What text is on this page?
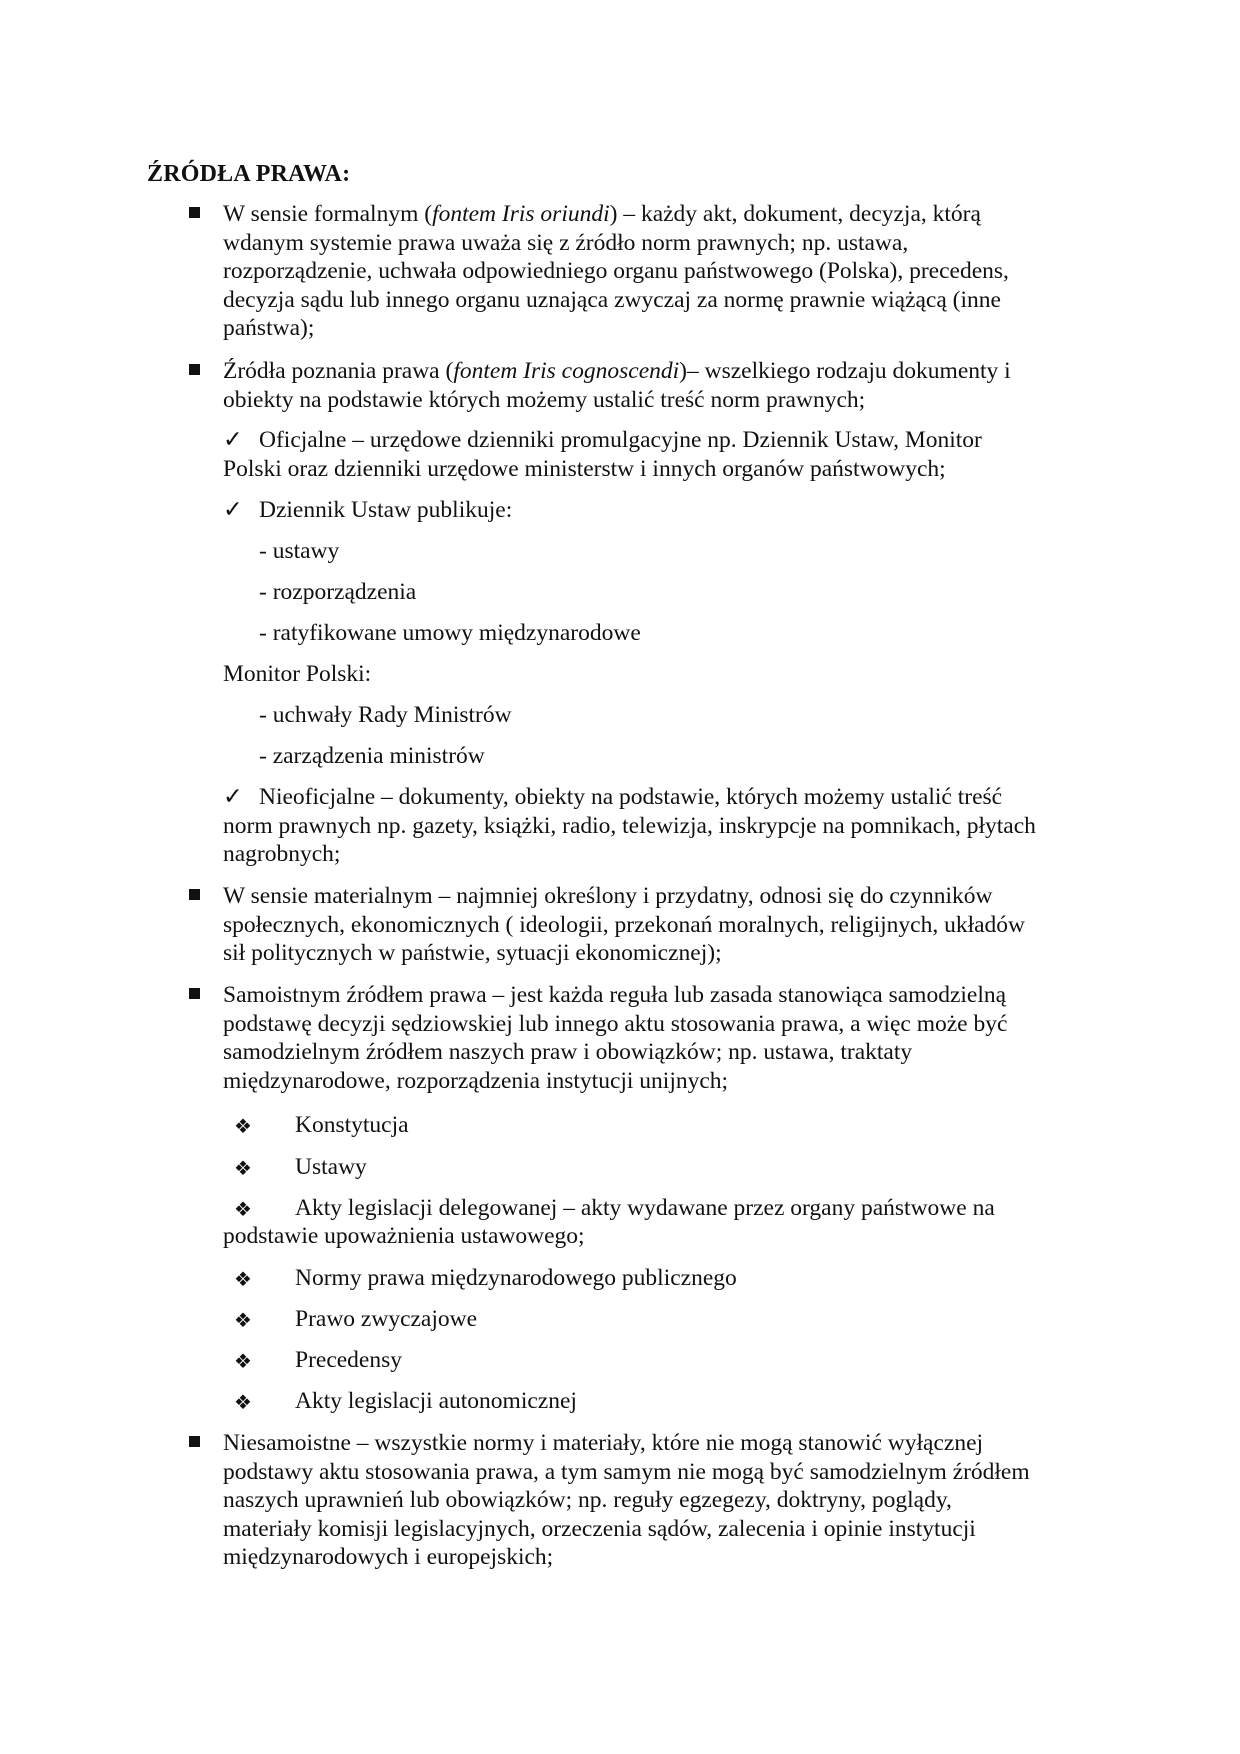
ŹRÓDŁA PRAWA:
W sensie formalnym (fontem Iris oriundi) – każdy akt, dokument, decyzja, którą
wdanym systemie prawa uważa się z źródło norm prawnych; np. ustawa,
rozporządzenie, uchwała odpowiedniego organu państwowego (Polska), precedens,
decyzja sądu lub innego organu uznająca zwyczaj za normę prawnie wiążącą (inne
państwa);
Źródła poznania prawa (fontem Iris cognoscendi)– wszelkiego rodzaju dokumenty i
obiekty na podstawie których możemy ustalić treść norm prawnych;
✓ Oficjalne – urzędowe dzienniki promulgacyjne np. Dziennik Ustaw, Monitor
Polski oraz dzienniki urzędowe ministerstw i innych organów państwowych;
✓ Dziennik Ustaw publikuje:
- ustawy
- rozporządzenia
- ratyfikowane umowy międzynarodowe
Monitor Polski:
- uchwały Rady Ministrów
- zarządzenia ministrów
✓ Nieoficjalne – dokumenty, obiekty na podstawie, których możemy ustalić treść
norm prawnych np. gazety, książki, radio, telewizja, inskrypcje na pomnikach, płytach
nagrobnych;
W sensie materialnym – najmniej określony i przydatny, odnosi się do czynników
społecznych, ekonomicznych ( ideologii, przekonań moralnych, religijnych, układów
sił politycznych w państwie, sytuacji ekonomicznej);
Samoistnym źródłem prawa – jest każda reguła lub zasada stanowiąca samodzielną
podstawę decyzji sędziowskiej lub innego aktu stosowania prawa, a więc może być
samodzielnym źródłem naszych praw i obowiązków; np. ustawa, traktaty
międzynarodowe, rozporządzenia instytucji unijnych;
❖ Konstytucja
❖ Ustawy
❖ Akty legislacji delegowanej – akty wydawane przez organy państwowe na
podstawie upoważnienia ustawowego;
❖ Normy prawa międzynarodowego publicznego
❖ Prawo zwyczajowe
❖ Precedensy
❖ Akty legislacji autonomicznej
Niesamoistne – wszystkie normy i materiały, które nie mogą stanowić wyłącznej
podstawy aktu stosowania prawa, a tym samym nie mogą być samodzielnym źródłem
naszych uprawnień lub obowiązków; np. reguły egzegezy, doktryny, poglądy,
materiały komisji legislacyjnych, orzeczenia sądów, zalecenia i opinie instytucji
międzynarodowych i europejskich;
